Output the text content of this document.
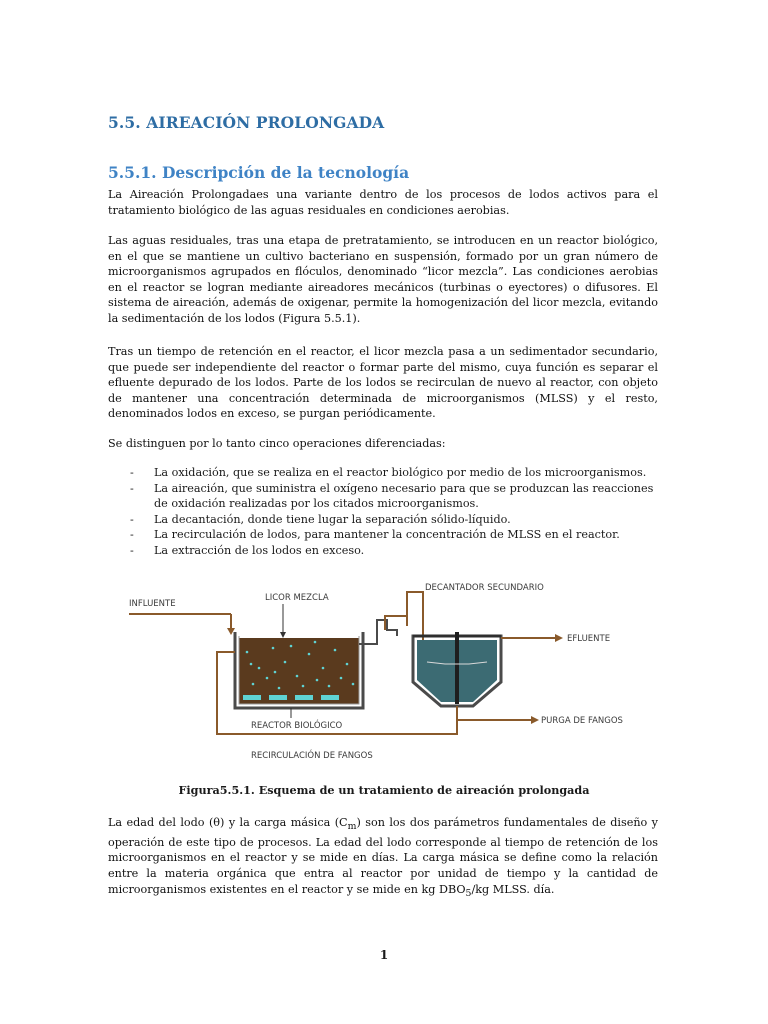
5.5. AIREACIÓN PROLONGADA
5.5.1. Descripción de la tecnología

La Aireación Prolongadaes una variante dentro de los procesos de lodos activos para el tratamiento biológico de las aguas residuales en condiciones aerobias.

Las aguas residuales, tras una etapa de pretratamiento, se introducen en un reactor biológico, en el que se mantiene un cultivo bacteriano en suspensión, formado por un gran número de microorganismos agrupados en flóculos, denominado “licor mezcla”. Las condiciones aerobias en el reactor se logran mediante aireadores mecánicos (turbinas o eyectores) o difusores. El sistema de aireación, además de oxigenar, permite la homogenización del licor mezcla, evitando la sedimentación de los lodos (Figura 5.5.1).

Tras un tiempo de retención en el reactor, el licor mezcla pasa a un sedimentador secundario, que puede ser independiente del reactor o formar parte del mismo, cuya función es separar el efluente depurado de los lodos. Parte de los lodos se recirculan de nuevo al reactor, con objeto de mantener una concentración determinada de microorganismos (MLSS) y el resto, denominados lodos en exceso, se purgan periódicamente.

Se distinguen por lo tanto cinco operaciones diferenciadas:

- La oxidación, que se realiza en el reactor biológico por medio de los microorganismos.
- La aireación, que suministra el oxígeno necesario para que se produzcan las reacciones de oxidación realizadas por los citados microorganismos.
- La decantación, donde tiene lugar la separación sólido-líquido.
- La recirculación de lodos, para mantener la concentración de MLSS en el reactor.
- La extracción de los lodos en exceso.
INFLUENTE
LICOR MEZCLA
DECANTADOR SECUNDARIO
EFLUENTE
REACTOR BIOLÓGICO	PURGA DE FANGOS
RECIRCULACIÓN DE FANGOS
Figura5.5.1. Esquema de un tratamiento de aireación prolongada

La edad del lodo (θ) y la carga másica $(C_m)$ son los dos parámetros fundamentales de diseño y operación de este tipo de procesos. La edad del lodo corresponde al tiempo de retención de los microorganismos en el reactor y se mide en días. La carga másica se define como la relación entre la materia orgánica que entra al reactor por unidad de tiempo y la cantidad de microorganismos existentes en el reactor y se mide en kg $DBO_5/kg$ MLSS. día.

1
